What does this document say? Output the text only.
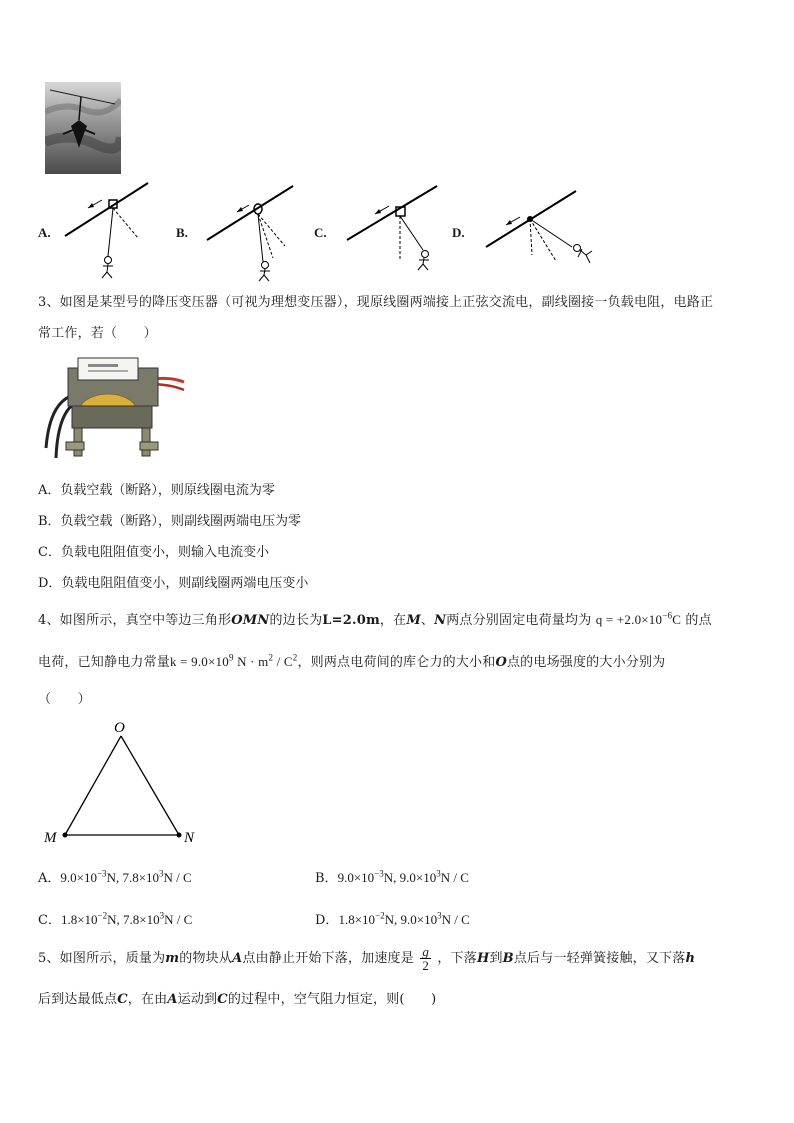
A.	B.	C.	D.
3、如图是某型号的降压变压器（可视为理想变压器），现原线圈两端接上正弦交流电，副线圈接一负载电阻，电路正
常工作，若（　　）
A．负载空载（断路），则原线圈电流为零
B．负载空载（断路），则副线圈两端电压为零
C．负载电阻阻值变小，则输入电流变小
D．负载电阻阻值变小，则副线圈两端电压变小
4、如图所示，真空中等边三角形OMN的边长为L=2.0m，在M、N两点分别固定电荷量均为 $q = +2.0\times 10^{-6}C$ 的点
电荷，已知静电力常量$k = 9.0\times 10^9$ $N \cdot m^2 / C^2$，则两点电荷间的库仑力的大小和O点的电场强度的大小分别为
（　　）
O
M	N
A．$9.0\times 10^{-3}N$, $7.8\times 10^3N / C$	B．$9.0\times 10^{-3}N$, $9.0\times 10^3N / C$
C．$1.8\times 10^{-2}N$, $7.8\times 10^3N / C$	D．$1.8\times 10^{-2}N$, $9.0\times 10^3N / C$
5、如图所示，质量为m的物块从A点由静止开始下落，加速度是 $\frac{g}{2}$ ，下落H到B点后与一轻弹簧接触，又下落h
后到达最低点C，在由A运动到C的过程中，空气阻力恒定，则(　　)
